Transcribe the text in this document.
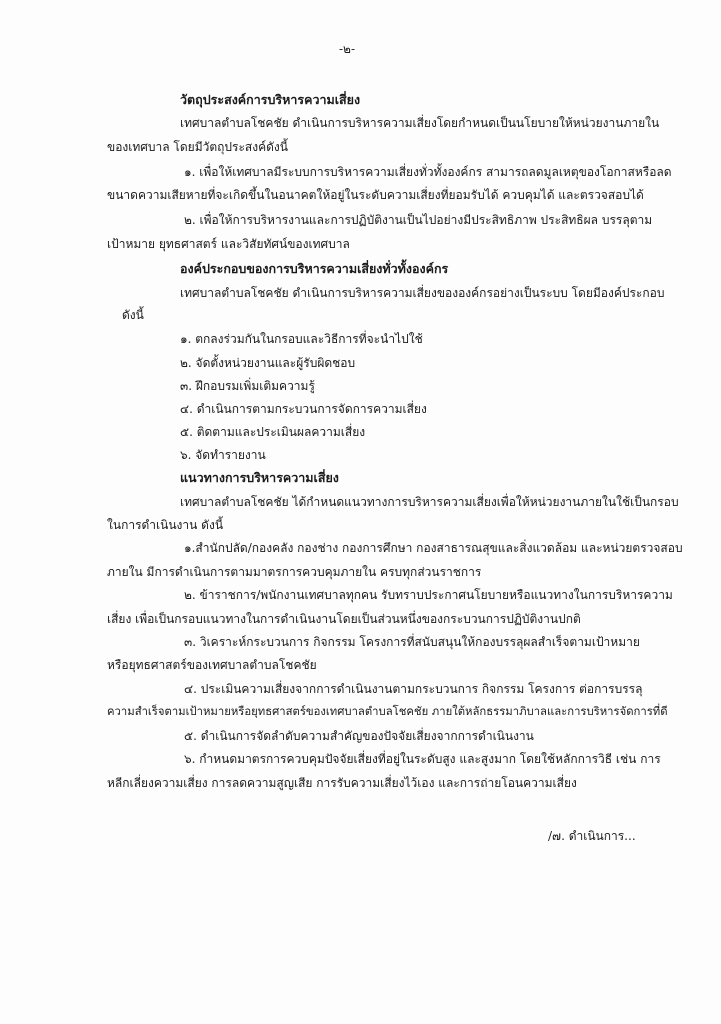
-๒-
วัตถุประสงค์การบริหารความเสี่ยง
เทศบาลตำบลโชคชัย ดำเนินการบริหารความเสี่ยงโดยกำหนดเป็นนโยบายให้หน่วยงานภายใน
ของเทศบาล โดยมีวัตถุประสงค์ดังนี้
๑. เพื่อให้เทศบาลมีระบบการบริหารความเสี่ยงทั่วทั้งองค์กร สามารถลดมูลเหตุของโอกาสหรือลด
ขนาดความเสียหายที่จะเกิดขึ้นในอนาคตให้อยู่ในระดับความเสี่ยงที่ยอมรับได้ ควบคุมได้ และตรวจสอบได้
๒. เพื่อให้การบริหารงานและการปฏิบัติงานเป็นไปอย่างมีประสิทธิภาพ ประสิทธิผล บรรลุตาม
เป้าหมาย ยุทธศาสตร์ และวิสัยทัศน์ของเทศบาล
องค์ประกอบของการบริหารความเสี่ยงทั่วทั้งองค์กร
เทศบาลตำบลโชคชัย ดำเนินการบริหารความเสี่ยงขององค์กรอย่างเป็นระบบ โดยมีองค์ประกอบ
ดังนี้
๑. ตกลงร่วมกันในกรอบและวิธีการที่จะนำไปใช้
๒. จัดตั้งหน่วยงานและผู้รับผิดชอบ
๓. ฝึกอบรมเพิ่มเติมความรู้
๔. ดำเนินการตามกระบวนการจัดการความเสี่ยง
๕. ติดตามและประเมินผลความเสี่ยง
๖. จัดทำรายงาน
แนวทางการบริหารความเสี่ยง
เทศบาลตำบลโชคชัย ได้กำหนดแนวทางการบริหารความเสี่ยงเพื่อให้หน่วยงานภายในใช้เป็นกรอบ
ในการดำเนินงาน ดังนี้
๑.สำนักปลัด/กองคลัง กองช่าง กองการศึกษา กองสาธารณสุขและสิ่งแวดล้อม และหน่วยตรวจสอบ
ภายใน มีการดำเนินการตามมาตรการควบคุมภายใน ครบทุกส่วนราชการ
๒. ข้าราชการ/พนักงานเทศบาลทุกคน รับทราบประกาศนโยบายหรือแนวทางในการบริหารความ
เสี่ยง เพื่อเป็นกรอบแนวทางในการดำเนินงานโดยเป็นส่วนหนึ่งของกระบวนการปฏิบัติงานปกติ
๓. วิเคราะห์กระบวนการ กิจกรรม โครงการที่สนับสนุนให้กองบรรลุผลสำเร็จตามเป้าหมาย
หรือยุทธศาสตร์ของเทศบาลตำบลโชคชัย
๔. ประเมินความเสี่ยงจากการดำเนินงานตามกระบวนการ กิจกรรม โครงการ ต่อการบรรลุ
ความสำเร็จตามเป้าหมายหรือยุทธศาสตร์ของเทศบาลตำบลโชคชัย ภายใต้หลักธรรมาภิบาลและการบริหารจัดการที่ดี
๕. ดำเนินการจัดลำดับความสำคัญของปัจจัยเสี่ยงจากการดำเนินงาน
๖. กำหนดมาตรการควบคุมปัจจัยเสี่ยงที่อยู่ในระดับสูง และสูงมาก โดยใช้หลักการวิธี เช่น การ
หลีกเลี่ยงความเสี่ยง การลดความสูญเสีย การรับความเสี่ยงไว้เอง และการถ่ายโอนความเสี่ยง
/๗. ดำเนินการ...
